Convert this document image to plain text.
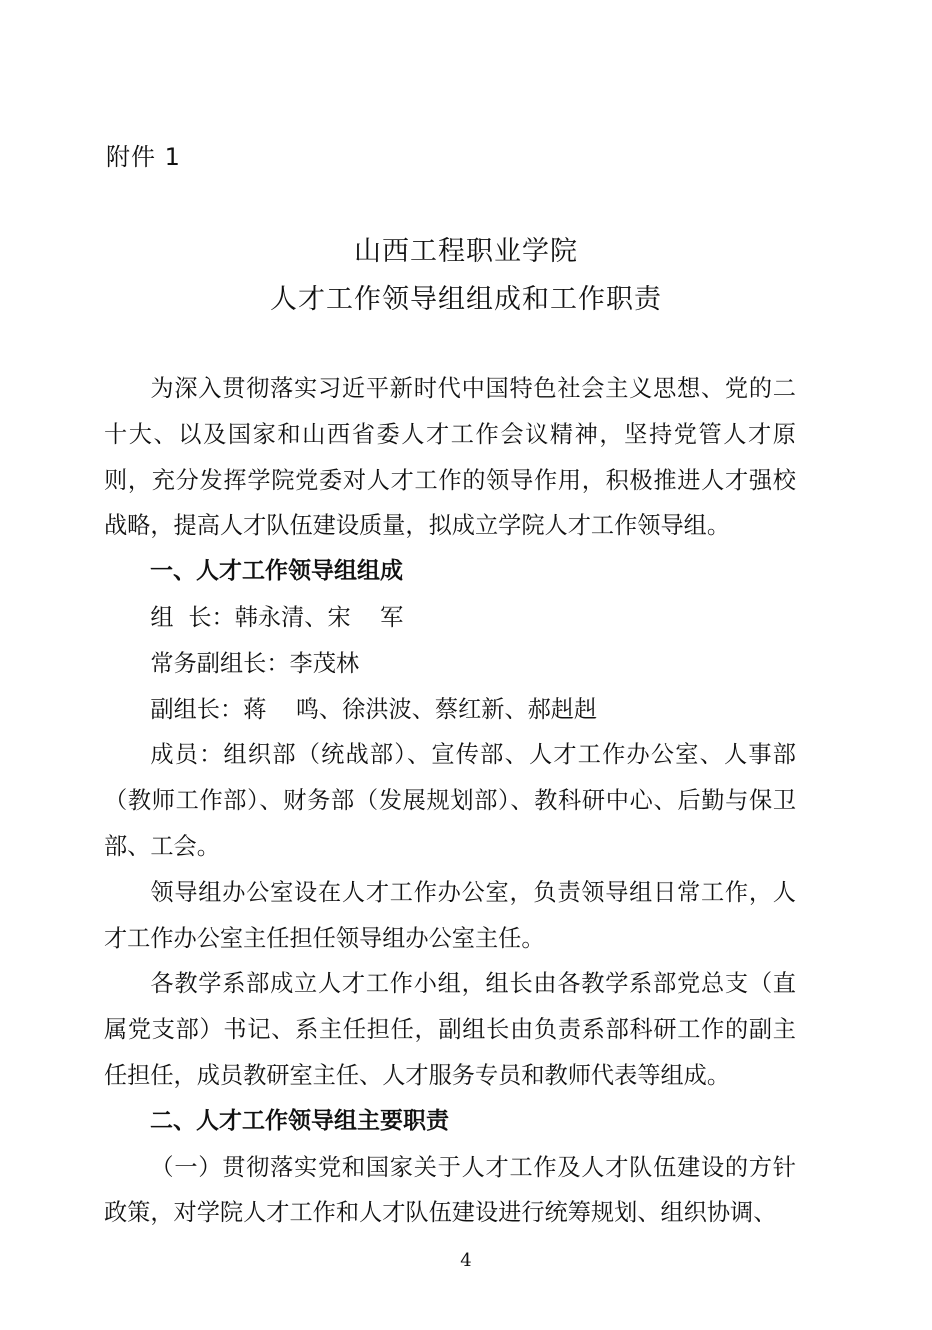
附件 1
山西工程职业学院
人才工作领导组组成和工作职责

为深入贯彻落实习近平新时代中国特色社会主义思想、党的二十大、以及国家和山西省委人才工作会议精神，坚持党管人才原则，充分发挥学院党委对人才工作的领导作用，积极推进人才强校战略，提高人才队伍建设质量，拟成立学院人才工作领导组。

一、人才工作领导组组成

组  长：韩永清、宋    军

常务副组长：李茂林

副组长：蒋    鸣、徐洪波、蔡红新、郝赳赳

成员：组织部（统战部）、宣传部、人才工作办公室、人事部（教师工作部）、财务部（发展规划部）、教科研中心、后勤与保卫部、工会。

领导组办公室设在人才工作办公室，负责领导组日常工作，人才工作办公室主任担任领导组办公室主任。

各教学系部成立人才工作小组，组长由各教学系部党总支（直属党支部）书记、系主任担任，副组长由负责系部科研工作的副主任担任，成员教研室主任、人才服务专员和教师代表等组成。

二、人才工作领导组主要职责

（一）贯彻落实党和国家关于人才工作及人才队伍建设的方针政策，对学院人才工作和人才队伍建设进行统筹规划、组织协调、

4
